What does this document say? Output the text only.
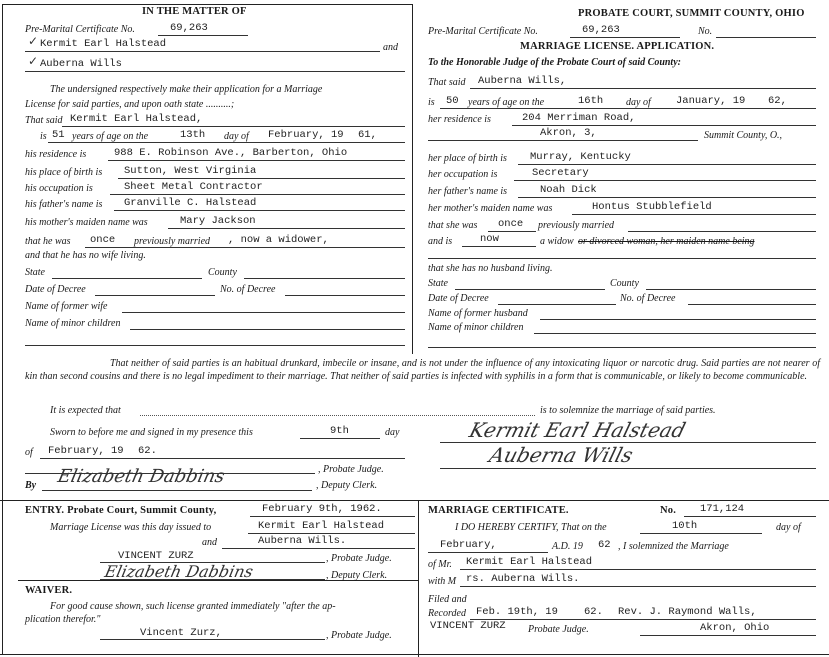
IN THE MATTER OF
Pre-Marital Certificate No.	69,263
✓ Kermit Earl Halstead	and
✓ Auberna Wills
The undersigned respectively make their application for a Marriage
License for said parties, and upon oath state ..........;
That said Kermit Earl Halstead,
is 51 years of age on the	13th day of February, 19 61,
his residence is	988 E. Robinson Ave., Barberton, Ohio
his place of birth is Sutton, West Virginia
his occupation is	Sheet Metal Contractor
his father's name is Granville C. Halstead
his mother's maiden name was	Mary Jackson
that he was once previously married , now a widower,
and that he has no wife living.
State	County
Date of Decree	No. of Decree
Name of former wife
Name of minor children
PROBATE COURT, SUMMIT COUNTY, OHIO
Pre-Marital Certificate No.	69,263	No.
MARRIAGE LICENSE. APPLICATION.
To the Honorable Judge of the Probate Court of said County:
That said Auberna Wills,
is 50 years of age on the	16th day of January, 19 62,
her residence is	204 Merriman Road,
Akron, 3,	Summit County, O.,
her place of birth is Murray, Kentucky
her occupation is	Secretary
her father's name is	Noah Dick
her mother's maiden name was	Hontus Stubblefield
that she was once previously married
and is	now	a widow or divorced woman, her maiden name being
that she has no husband living.
State	County
Date of Decree	No. of Decree
Name of former husband
Name of minor children
That neither of said parties is an habitual drunkard, imbecile or insane, and is not under the influence of any intoxicating liquor or narcotic drug. Said parties are not nearer of kin than second cousins and there is no legal impediment to their marriage. That neither of said parties is infected with syphilis in a form that is communicable, or likely to become communicable.
It is expected that	is to solemnize the marriage of said parties.
Sworn to before me and signed in my presence this	9th	day
of February, 19 62.
, Probate Judge.
By Elizabeth Dabbins	, Deputy Clerk.
Kermit Earl Halstead
Auberna Wills
ENTRY. Probate Court, Summit County,	February 9th, 1962.
Marriage License was this day issued to	Kermit Earl Halstead
and	Auberna Wills.
VINCENT ZURZ	, Probate Judge.
Elizabeth Dabbins	, Deputy Clerk.
WAIVER.
For good cause shown, such license granted immediately "after the ap-
plication therefor."
Vincent Zurz,	, Probate Judge.
MARRIAGE CERTIFICATE.	No. 171,124
I DO HEREBY CERTIFY, That on the	10th	day of
February,	A.D. 19 62 , I solemnized the Marriage
of Mr. Kermit Earl Halstead
with M rs. Auberna Wills.
Filed and
Recorded Feb. 19th, 19 62. Rev. J. Raymond Walls,
VINCENT ZURZ Probate Judge.	Akron, Ohio
